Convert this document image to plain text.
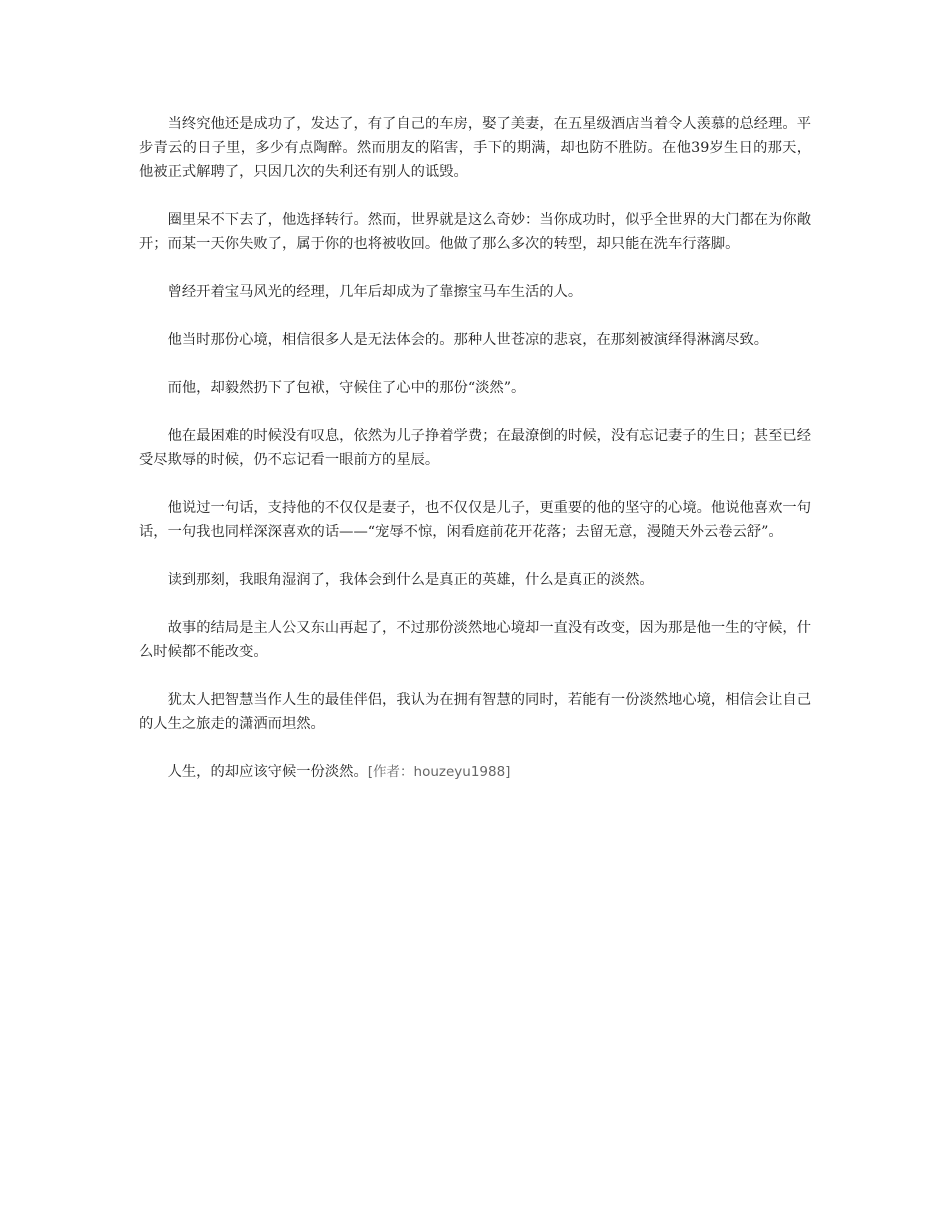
当终究他还是成功了，发达了，有了自己的车房，娶了美妻，在五星级酒店当着令人羡慕的总经理。平步青云的日子里，多少有点陶醉。然而朋友的陷害，手下的期满，却也防不胜防。在他39岁生日的那天，他被正式解聘了，只因几次的失利还有别人的诋毁。

圈里呆不下去了，他选择转行。然而，世界就是这么奇妙：当你成功时，似乎全世界的大门都在为你敞开；而某一天你失败了，属于你的也将被收回。他做了那么多次的转型，却只能在洗车行落脚。

曾经开着宝马风光的经理，几年后却成为了靠擦宝马车生活的人。

他当时那份心境，相信很多人是无法体会的。那种人世苍凉的悲哀，在那刻被演绎得淋漓尽致。

而他，却毅然扔下了包袱，守候住了心中的那份“淡然”。

他在最困难的时候没有叹息，依然为儿子挣着学费；在最潦倒的时候，没有忘记妻子的生日；甚至已经受尽欺辱的时候，仍不忘记看一眼前方的星辰。

他说过一句话，支持他的不仅仅是妻子，也不仅仅是儿子，更重要的他的坚守的心境。他说他喜欢一句话，一句我也同样深深喜欢的话——“宠辱不惊，闲看庭前花开花落；去留无意，漫随天外云卷云舒”。

读到那刻，我眼角湿润了，我体会到什么是真正的英雄，什么是真正的淡然。

故事的结局是主人公又东山再起了，不过那份淡然地心境却一直没有改变，因为那是他一生的守候，什么时候都不能改变。

犹太人把智慧当作人生的最佳伴侣，我认为在拥有智慧的同时，若能有一份淡然地心境，相信会让自己的人生之旅走的潇洒而坦然。

人生，的却应该守候一份淡然。[作者：houzeyu1988]
